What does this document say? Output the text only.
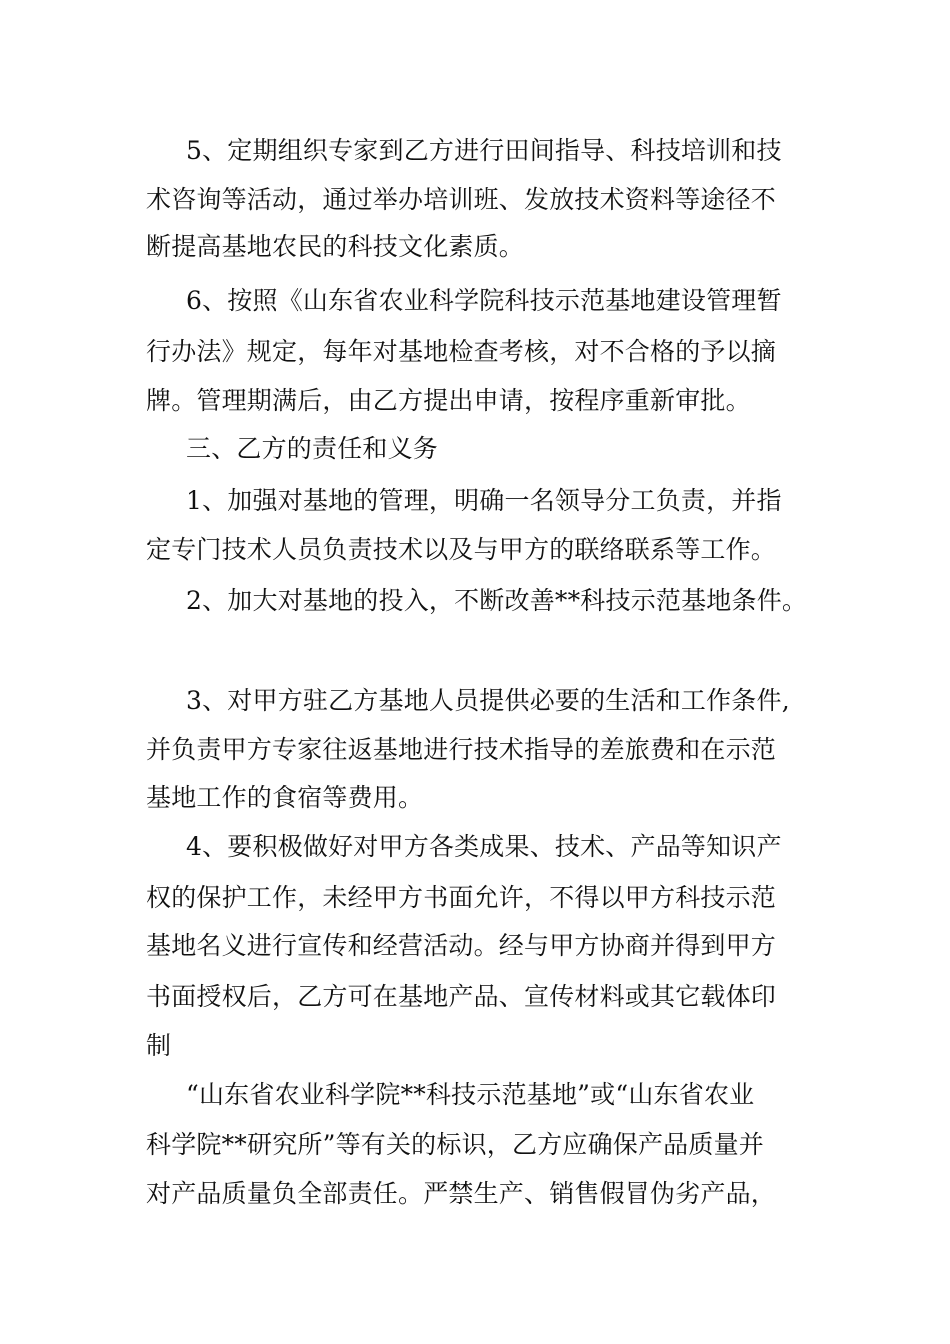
5、定期组织专家到乙方进行田间指导、科技培训和技
术咨询等活动，通过举办培训班、发放技术资料等途径不
断提高基地农民的科技文化素质。
6、按照《山东省农业科学院科技示范基地建设管理暂
行办法》规定，每年对基地检查考核，对不合格的予以摘
牌。管理期满后，由乙方提出申请，按程序重新审批。
三、乙方的责任和义务
1、加强对基地的管理，明确一名领导分工负责，并指
定专门技术人员负责技术以及与甲方的联络联系等工作。
2、加大对基地的投入，不断改善**科技示范基地条件。
3、对甲方驻乙方基地人员提供必要的生活和工作条件,
并负责甲方专家往返基地进行技术指导的差旅费和在示范
基地工作的食宿等费用。
4、要积极做好对甲方各类成果、技术、产品等知识产
权的保护工作，未经甲方书面允许，不得以甲方科技示范
基地名义进行宣传和经营活动。经与甲方协商并得到甲方
书面授权后，乙方可在基地产品、宣传材料或其它载体印
制
“山东省农业科学院**科技示范基地”或“山东省农业
科学院**研究所”等有关的标识，乙方应确保产品质量并
对产品质量负全部责任。严禁生产、销售假冒伪劣产品，
